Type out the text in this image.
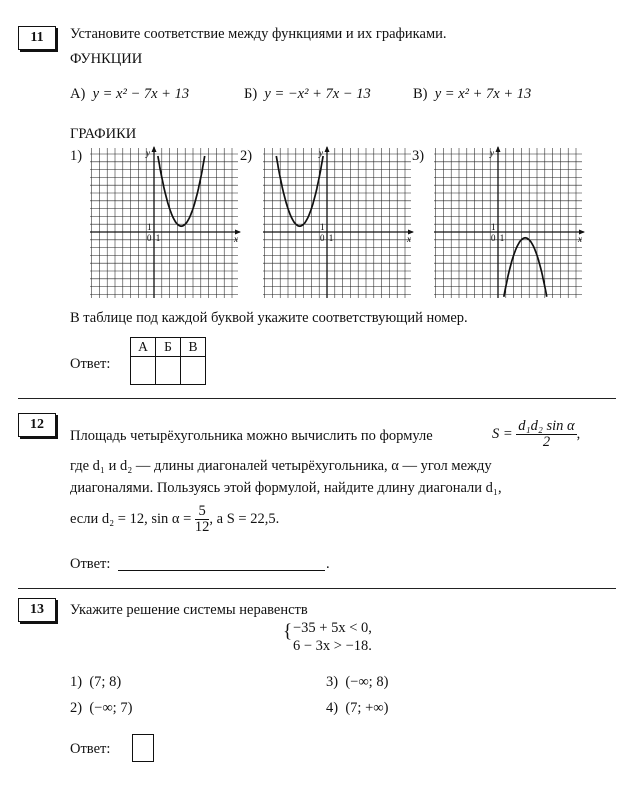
11	Установите соответствие между функциями и их графиками.
ФУНКЦИИ
А) y = x² − 7x + 13	Б) y = −x² + 7x − 13	В) y = x² + 7x + 13
ГРАФИКИ
1)	2)	3)
x
y
0 1
1
x
y
0 1
1
x
y
0 1
1
В таблице под каждой буквой укажите соответствующий номер.
Ответ:
А	Б	В

12
Площадь четырёхугольника можно вычислить по формуле	$S = \frac{\text{d₁d₂ sin α}}{2}$ ,
где d₁ и d₂ — длины диагоналей четырёхугольника, α — угол между
диагоналями. Пользуясь этой формулой, найдите длину диагонали d₁,
если d₂ = 12, $\sin \alpha = \frac{5}{12}$ , а S = 22,5.
Ответ:	.
13	Укажите решение системы неравенств
{ −35 + 5x < 0,
6 − 3x > −18.
1) (7; 8)	3) (−∞; 8)
2) (−∞; 7)	4) (7; +∞)
Ответ:
